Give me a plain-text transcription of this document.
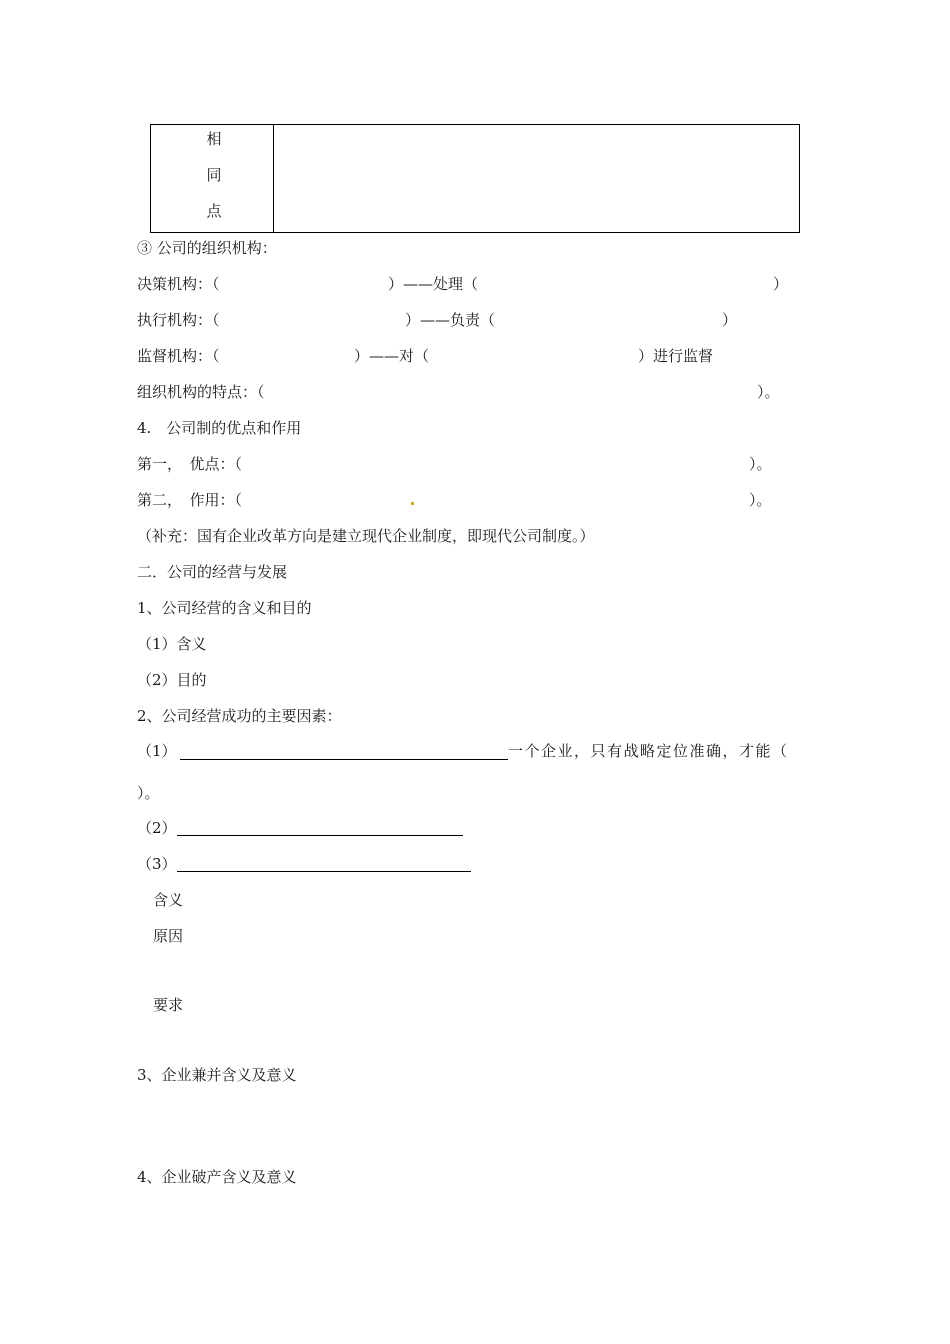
相
同
点
③ 公司的组织机构：
决策机构：（	）——处理（	）
执行机构：（	）——负责（	）
监督机构：（	）——对（	）进行监督
组织机构的特点：（	）。
4.　公司制的优点和作用
第一，　优点：（	）。
第二，　作用：（	）。
（补充：国有企业改革方向是建立现代企业制度，即现代公司制度。）
二．公司的经营与发展
1、公司经营的含义和目的
（1）含义
（2）目的
2、公司经营成功的主要因素：
（1）	一个企业，只有战略定位准确，才能（
）。
（2）
（3）
含义
原因
要求
3、企业兼并含义及意义
4、企业破产含义及意义
